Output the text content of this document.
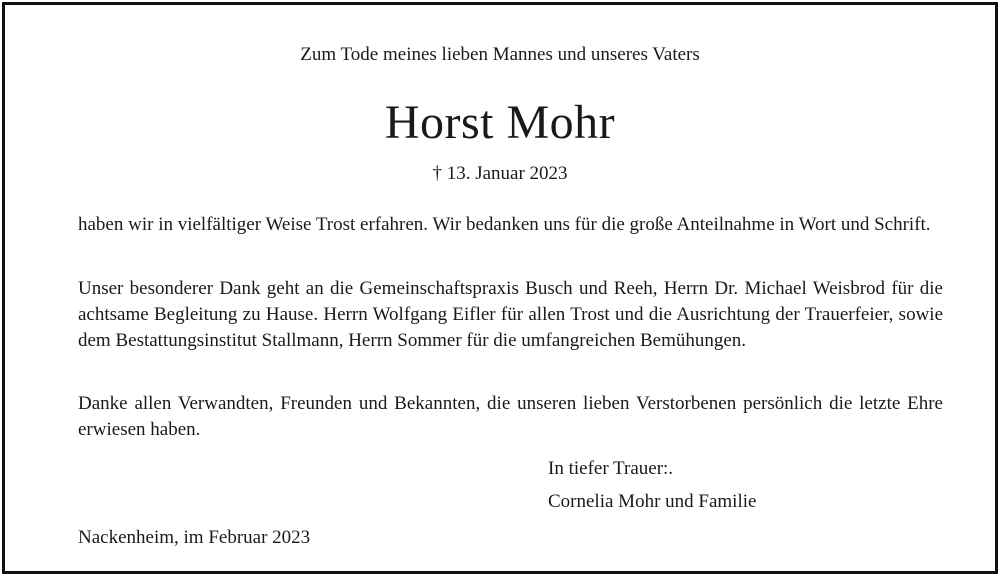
Zum Tode meines lieben Mannes und unseres Vaters
Horst Mohr
† 13. Januar 2023

haben wir in vielfältiger Weise Trost erfahren. Wir bedanken uns für die große Anteilnahme in Wort und Schrift.

Unser besonderer Dank geht an die Gemeinschaftspraxis Busch und Reeh, Herrn Dr. Michael Weisbrod für die achtsame Begleitung zu Hause. Herrn Wolfgang Eifler für allen Trost und die Ausrichtung der Trauerfeier, sowie dem Bestattungsinstitut Stallmann, Herrn Sommer für die umfangreichen Bemühungen.

Danke allen Verwandten, Freunden und Bekannten, die unseren lieben Verstorbenen persönlich die letzte Ehre erwiesen haben.

In tiefer Trauer:.
Cornelia Mohr und Familie
Nackenheim, im Februar 2023
